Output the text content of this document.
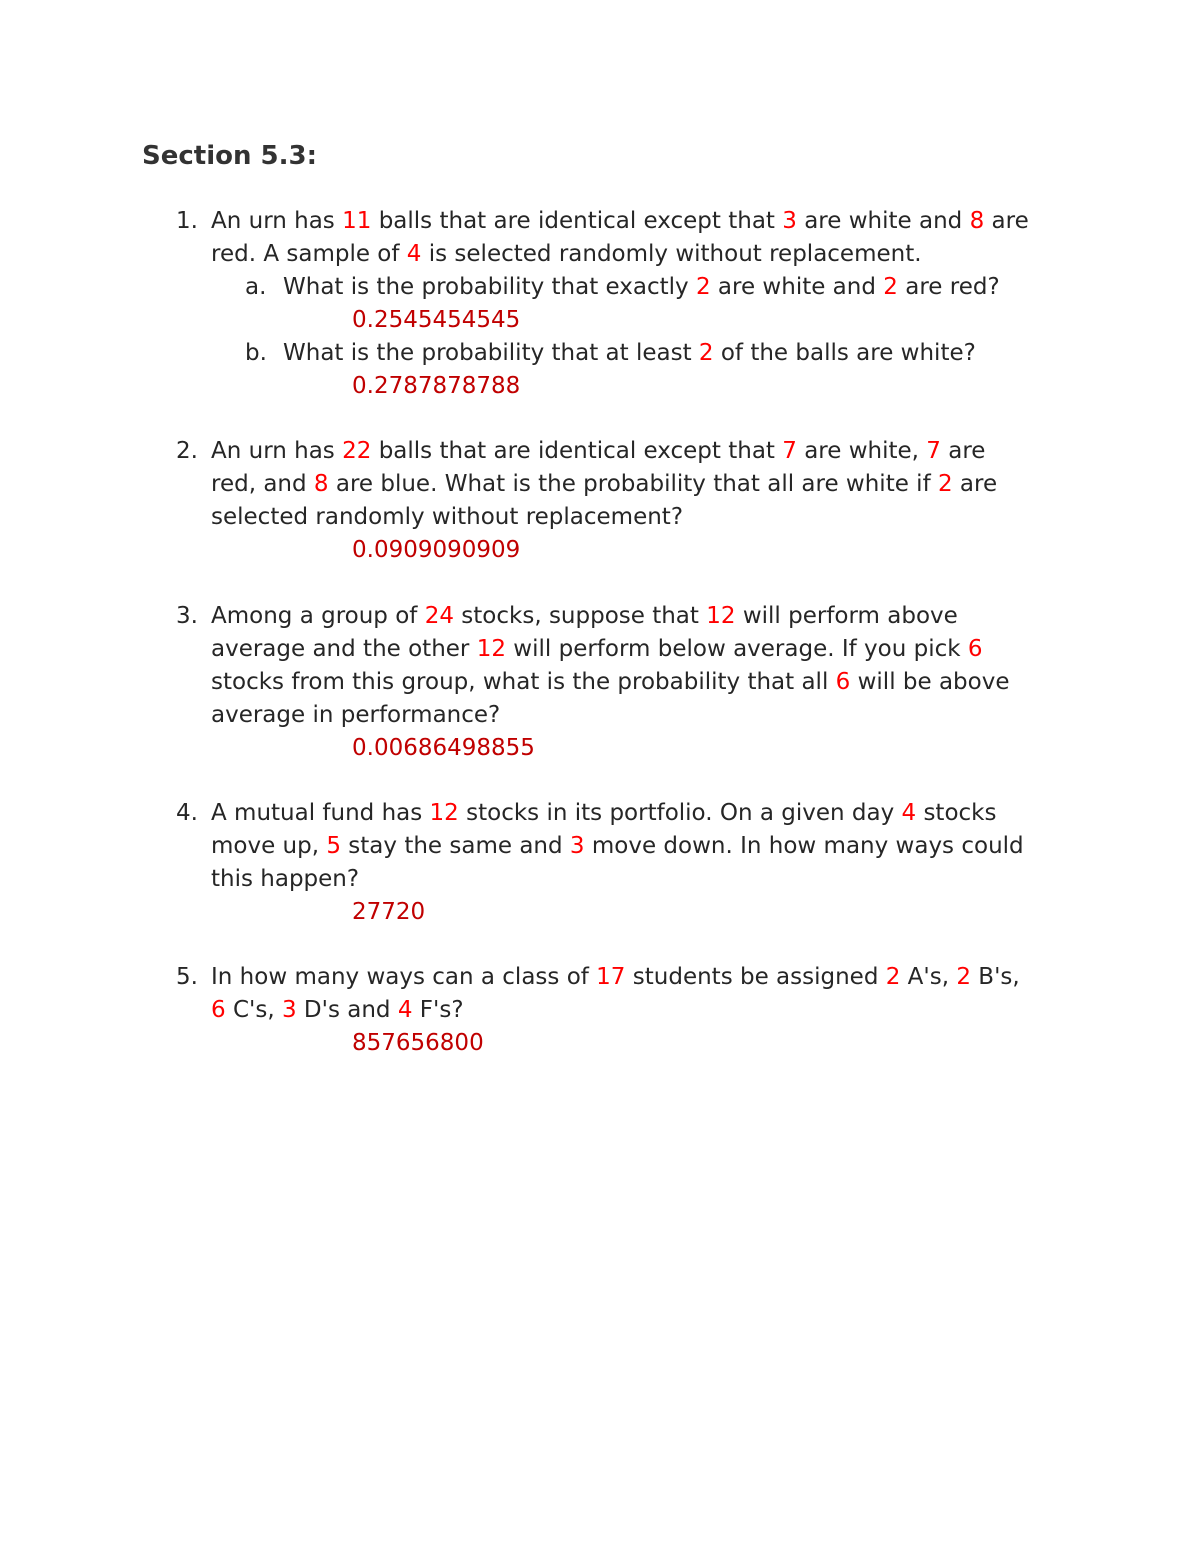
Section 5.3:
1. An urn has 11 balls that are identical except that 3 are white and 8 are
red. A sample of 4 is selected randomly without replacement.
a. What is the probability that exactly 2 are white and 2 are red?
0.2545454545
b. What is the probability that at least 2 of the balls are white?
0.2787878788
2. An urn has 22 balls that are identical except that 7 are white, 7 are
red, and 8 are blue. What is the probability that all are white if 2 are
selected randomly without replacement?
0.0909090909
3. Among a group of 24 stocks, suppose that 12 will perform above
average and the other 12 will perform below average. If you pick 6
stocks from this group, what is the probability that all 6 will be above
average in performance?
0.00686498855
4. A mutual fund has 12 stocks in its portfolio. On a given day 4 stocks
move up, 5 stay the same and 3 move down. In how many ways could
this happen?
27720
5. In how many ways can a class of 17 students be assigned 2 A's, 2 B's,
6 C's, 3 D's and 4 F's?
857656800
